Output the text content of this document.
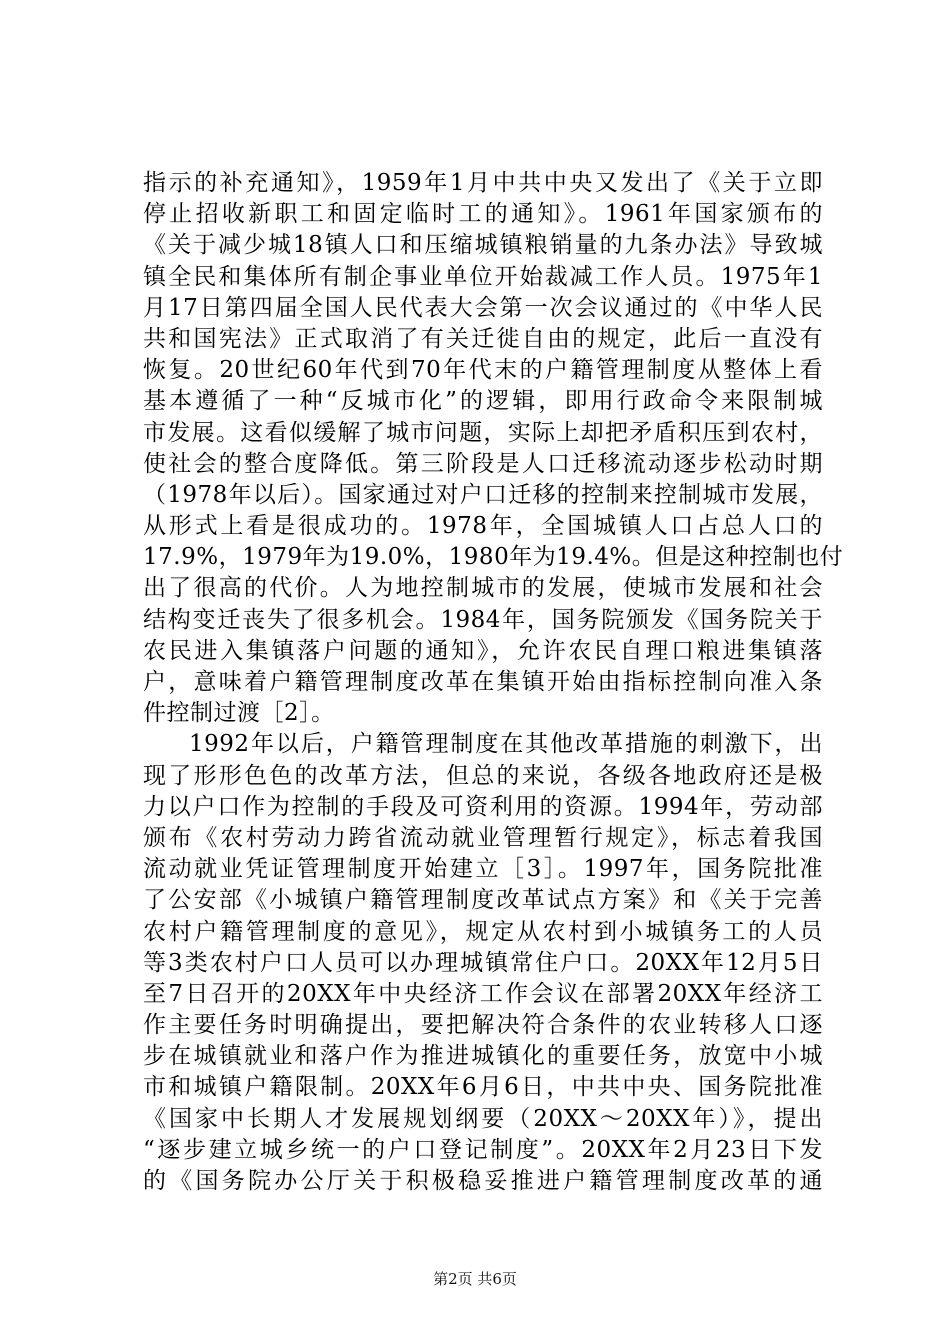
指示的补充通知》，1959年1月中共中央又发出了《关于立即
停止招收新职工和固定临时工的通知》。1961年国家颁布的
《关于减少城18镇人口和压缩城镇粮销量的九条办法》导致城
镇全民和集体所有制企事业单位开始裁减工作人员。1975年1
月17日第四届全国人民代表大会第一次会议通过的《中华人民
共和国宪法》正式取消了有关迁徙自由的规定，此后一直没有
恢复。20世纪60年代到70年代末的户籍管理制度从整体上看
基本遵循了一种“反城市化”的逻辑，即用行政命令来限制城
市发展。这看似缓解了城市问题，实际上却把矛盾积压到农村，
使社会的整合度降低。第三阶段是人口迁移流动逐步松动时期
（1978年以后）。国家通过对户口迁移的控制来控制城市发展，
从形式上看是很成功的。1978年，全国城镇人口占总人口的
17.9%，1979年为19.0%，1980年为19.4%。但是这种控制也付
出了很高的代价。人为地控制城市的发展，使城市发展和社会
结构变迁丧失了很多机会。1984年，国务院颁发《国务院关于
农民进入集镇落户问题的通知》，允许农民自理口粮进集镇落
户，意味着户籍管理制度改革在集镇开始由指标控制向准入条
件控制过渡［2］。
1992年以后，户籍管理制度在其他改革措施的刺激下，出
现了形形色色的改革方法，但总的来说，各级各地政府还是极
力以户口作为控制的手段及可资利用的资源。1994年，劳动部
颁布《农村劳动力跨省流动就业管理暂行规定》，标志着我国
流动就业凭证管理制度开始建立［3］。1997年，国务院批准
了公安部《小城镇户籍管理制度改革试点方案》和《关于完善
农村户籍管理制度的意见》，规定从农村到小城镇务工的人员
等3类农村户口人员可以办理城镇常住户口。20XX年12月5日
至7日召开的20XX年中央经济工作会议在部署20XX年经济工
作主要任务时明确提出，要把解决符合条件的农业转移人口逐
步在城镇就业和落户作为推进城镇化的重要任务，放宽中小城
市和城镇户籍限制。20XX年6月6日，中共中央、国务院批准
《国家中长期人才发展规划纲要（20XX～20XX年）》，提出
“逐步建立城乡统一的户口登记制度”。20XX年2月23日下发
的《国务院办公厅关于积极稳妥推进户籍管理制度改革的通
第2页 共6页
